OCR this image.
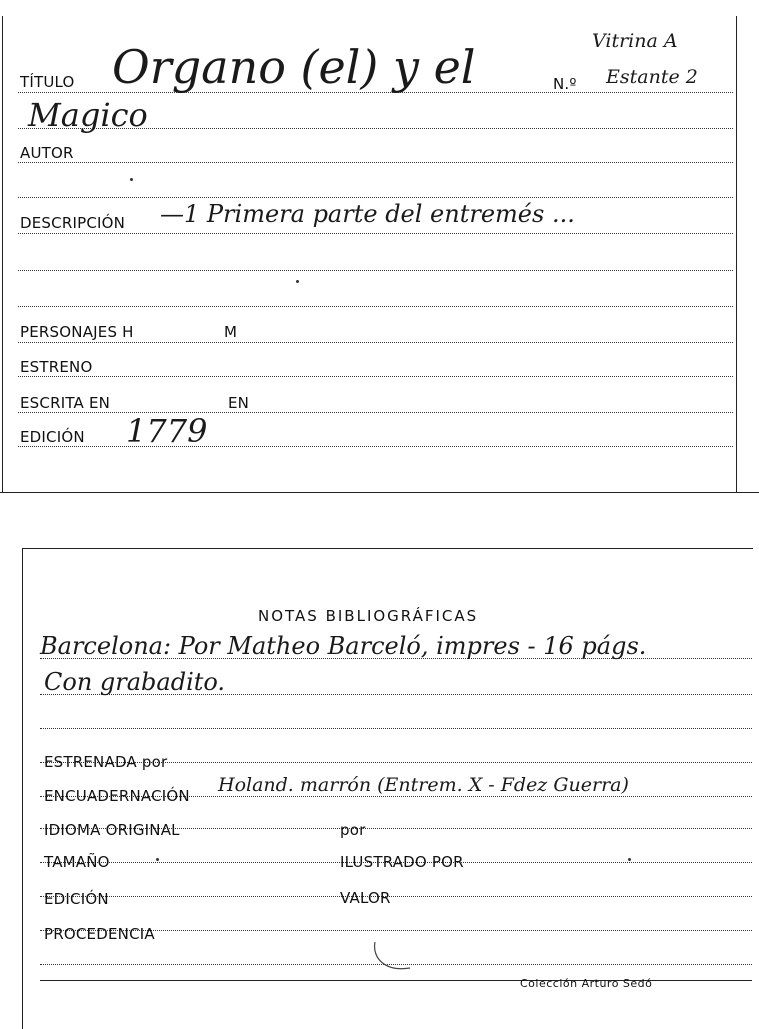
TÍTULO Organo (el) y el	N.º
Vitrina A
Estante 2
Magico
AUTOR
DESCRIPCIÓN —1 Primera parte del entremés ...
PERSONAJES H	M
ESTRENO
ESCRITA EN	EN
EDICIÓN 1779
NOTAS BIBLIOGRÁFICAS
Barcelona: Por Matheo Barceló, impres - 16 págs.
Con grabadito.
ESTRENADA por
ENCUADERNACIÓN Holand. marrón (Entrem. X - Fdez Guerra)
IDIOMA ORIGINAL	por
TAMAÑO	ILUSTRADO POR
EDICIÓN	VALOR
PROCEDENCIA
Colección Arturo Sedó
